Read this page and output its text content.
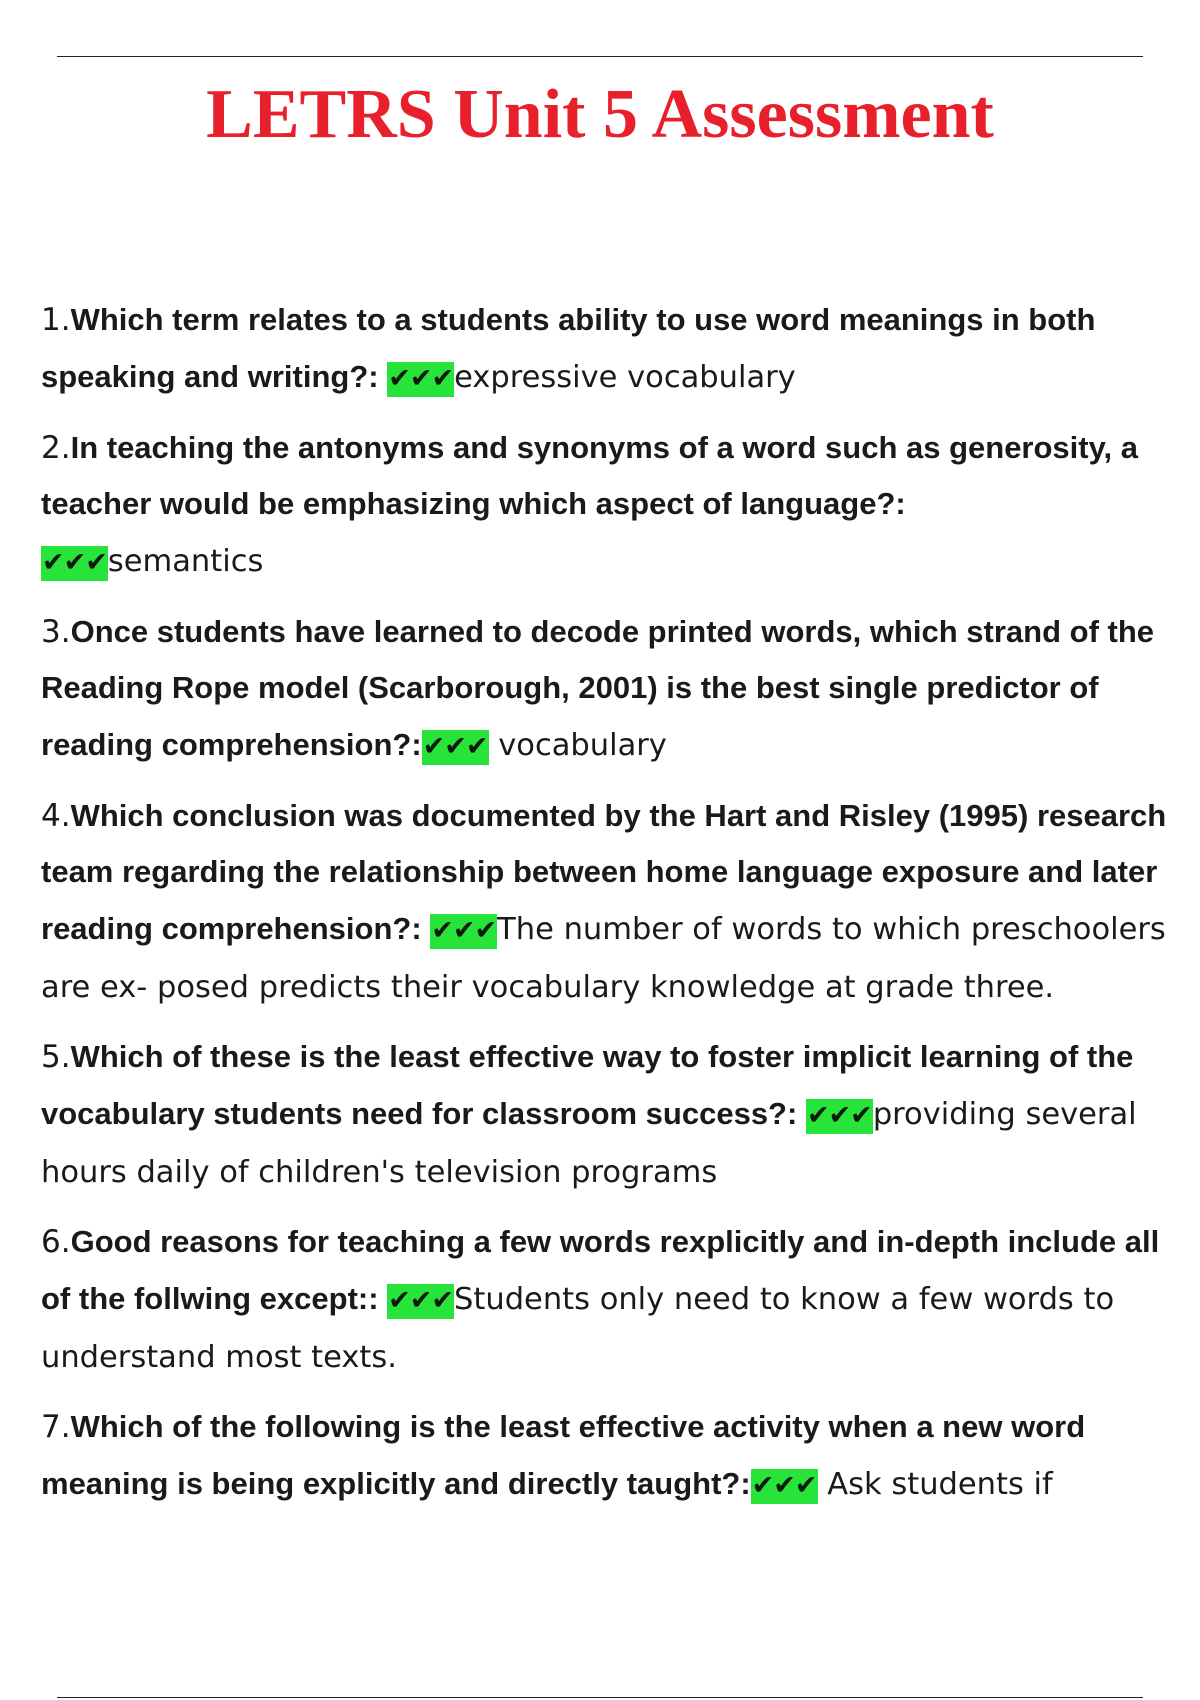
LETRS Unit 5 Assessment

1.Which term relates to a students ability to use word meanings in both speaking and writing?: ✔✔✔expressive vocabulary

2.In teaching the antonyms and synonyms of a word such as generosity, a teacher would be emphasizing which aspect of language?:
✔✔✔semantics

3.Once students have learned to decode printed words, which strand of the Reading Rope model (Scarborough, 2001) is the best single predictor of reading comprehension?:✔✔✔ vocabulary

4.Which conclusion was documented by the Hart and Risley (1995) research team regarding the relationship between home language exposure and later reading comprehension?: ✔✔✔The number of words to which preschoolers are ex- posed predicts their vocabulary knowledge at grade three.

5.Which of these is the least effective way to foster implicit learning of the vocabulary students need for classroom success?: ✔✔✔providing several hours daily of children's television programs

6.Good reasons for teaching a few words rexplicitly and in-depth include all of the follwing except:: ✔✔✔Students only need to know a few words to understand most texts.

7.Which of the following is the least effective activity when a new word meaning is being explicitly and directly taught?:✔✔✔ Ask students if
